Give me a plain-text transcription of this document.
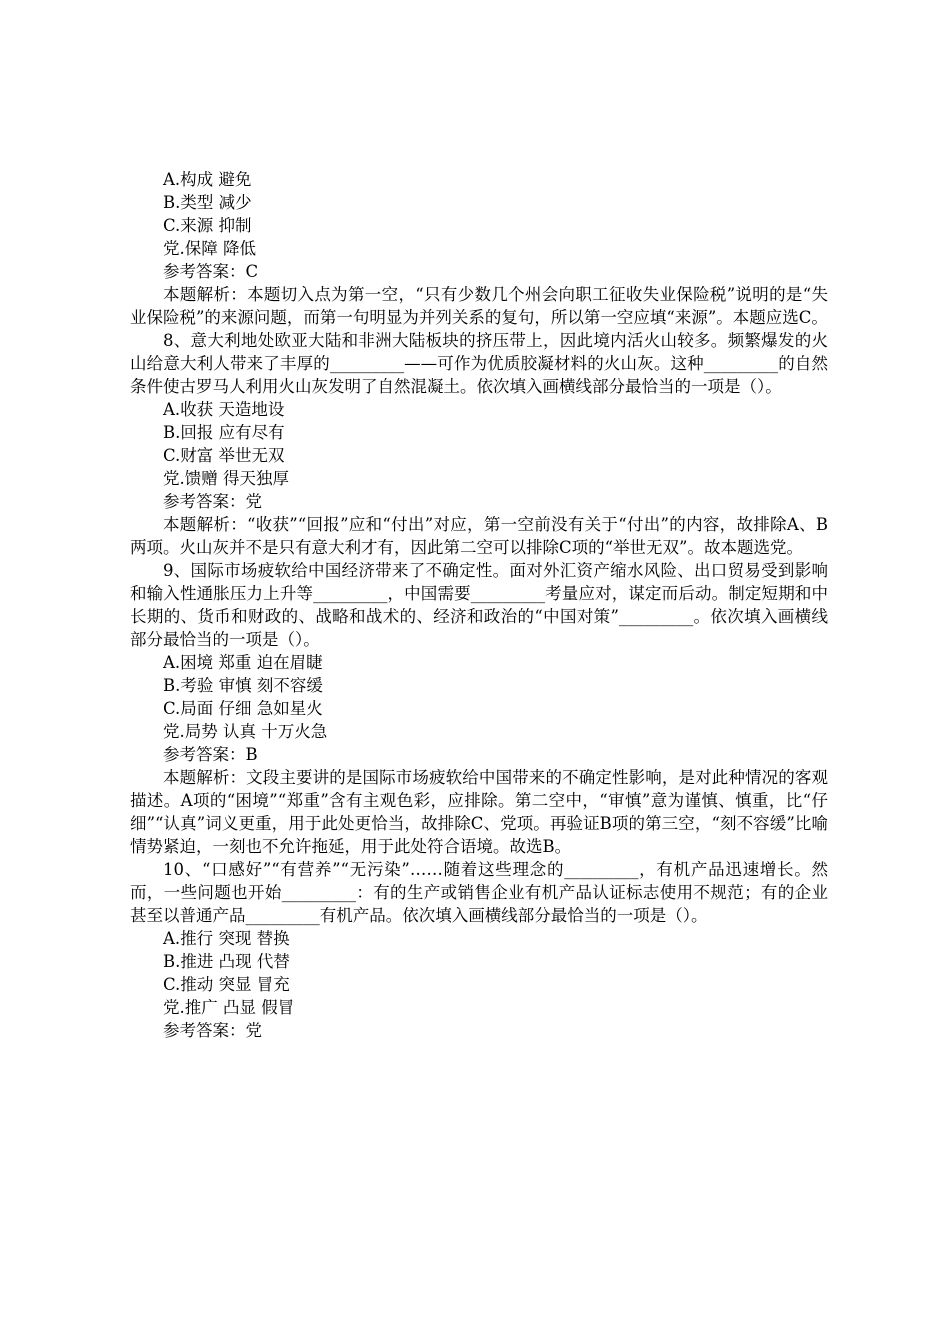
A.构成 避免
B.类型 减少
C.来源 抑制
党.保障 降低
参考答案：C

本题解析：本题切入点为第一空，“只有少数几个州会向职工征收失业保险税”说明的是“失业保险税”的来源问题，而第一句明显为并列关系的复句，所以第一空应填“来源”。本题应选C。

8、意大利地处欧亚大陆和非洲大陆板块的挤压带上，因此境内活火山较多。频繁爆发的火山给意大利人带来了丰厚的_________——可作为优质胶凝材料的火山灰。这种_________的自然条件使古罗马人利用火山灰发明了自然混凝土。依次填入画横线部分最恰当的一项是（）。

A.收获 天造地设
B.回报 应有尽有
C.财富 举世无双
党.馈赠 得天独厚
参考答案：党

本题解析：“收获”“回报”应和“付出”对应，第一空前没有关于“付出”的内容，故排除A、B两项。火山灰并不是只有意大利才有，因此第二空可以排除C项的“举世无双”。故本题选党。

9、国际市场疲软给中国经济带来了不确定性。面对外汇资产缩水风险、出口贸易受到影响和输入性通胀压力上升等_________，中国需要_________考量应对，谋定而后动。制定短期和中长期的、货币和财政的、战略和战术的、经济和政治的“中国对策”_________。依次填入画横线部分最恰当的一项是（）。

A.困境 郑重 迫在眉睫
B.考验 审慎 刻不容缓
C.局面 仔细 急如星火
党.局势 认真 十万火急
参考答案：B

本题解析：文段主要讲的是国际市场疲软给中国带来的不确定性影响，是对此种情况的客观描述。A项的“困境”“郑重”含有主观色彩，应排除。第二空中，“审慎”意为谨慎、慎重，比“仔细”“认真”词义更重，用于此处更恰当，故排除C、党项。再验证B项的第三空，“刻不容缓”比喻情势紧迫，一刻也不允许拖延，用于此处符合语境。故选B。

10、“口感好”“有营养”“无污染”……随着这些理念的_________，有机产品迅速增长。然而，一些问题也开始_________：有的生产或销售企业有机产品认证标志使用不规范；有的企业甚至以普通产品_________有机产品。依次填入画横线部分最恰当的一项是（）。

A.推行 突现 替换
B.推进 凸现 代替
C.推动 突显 冒充
党.推广 凸显 假冒
参考答案：党
